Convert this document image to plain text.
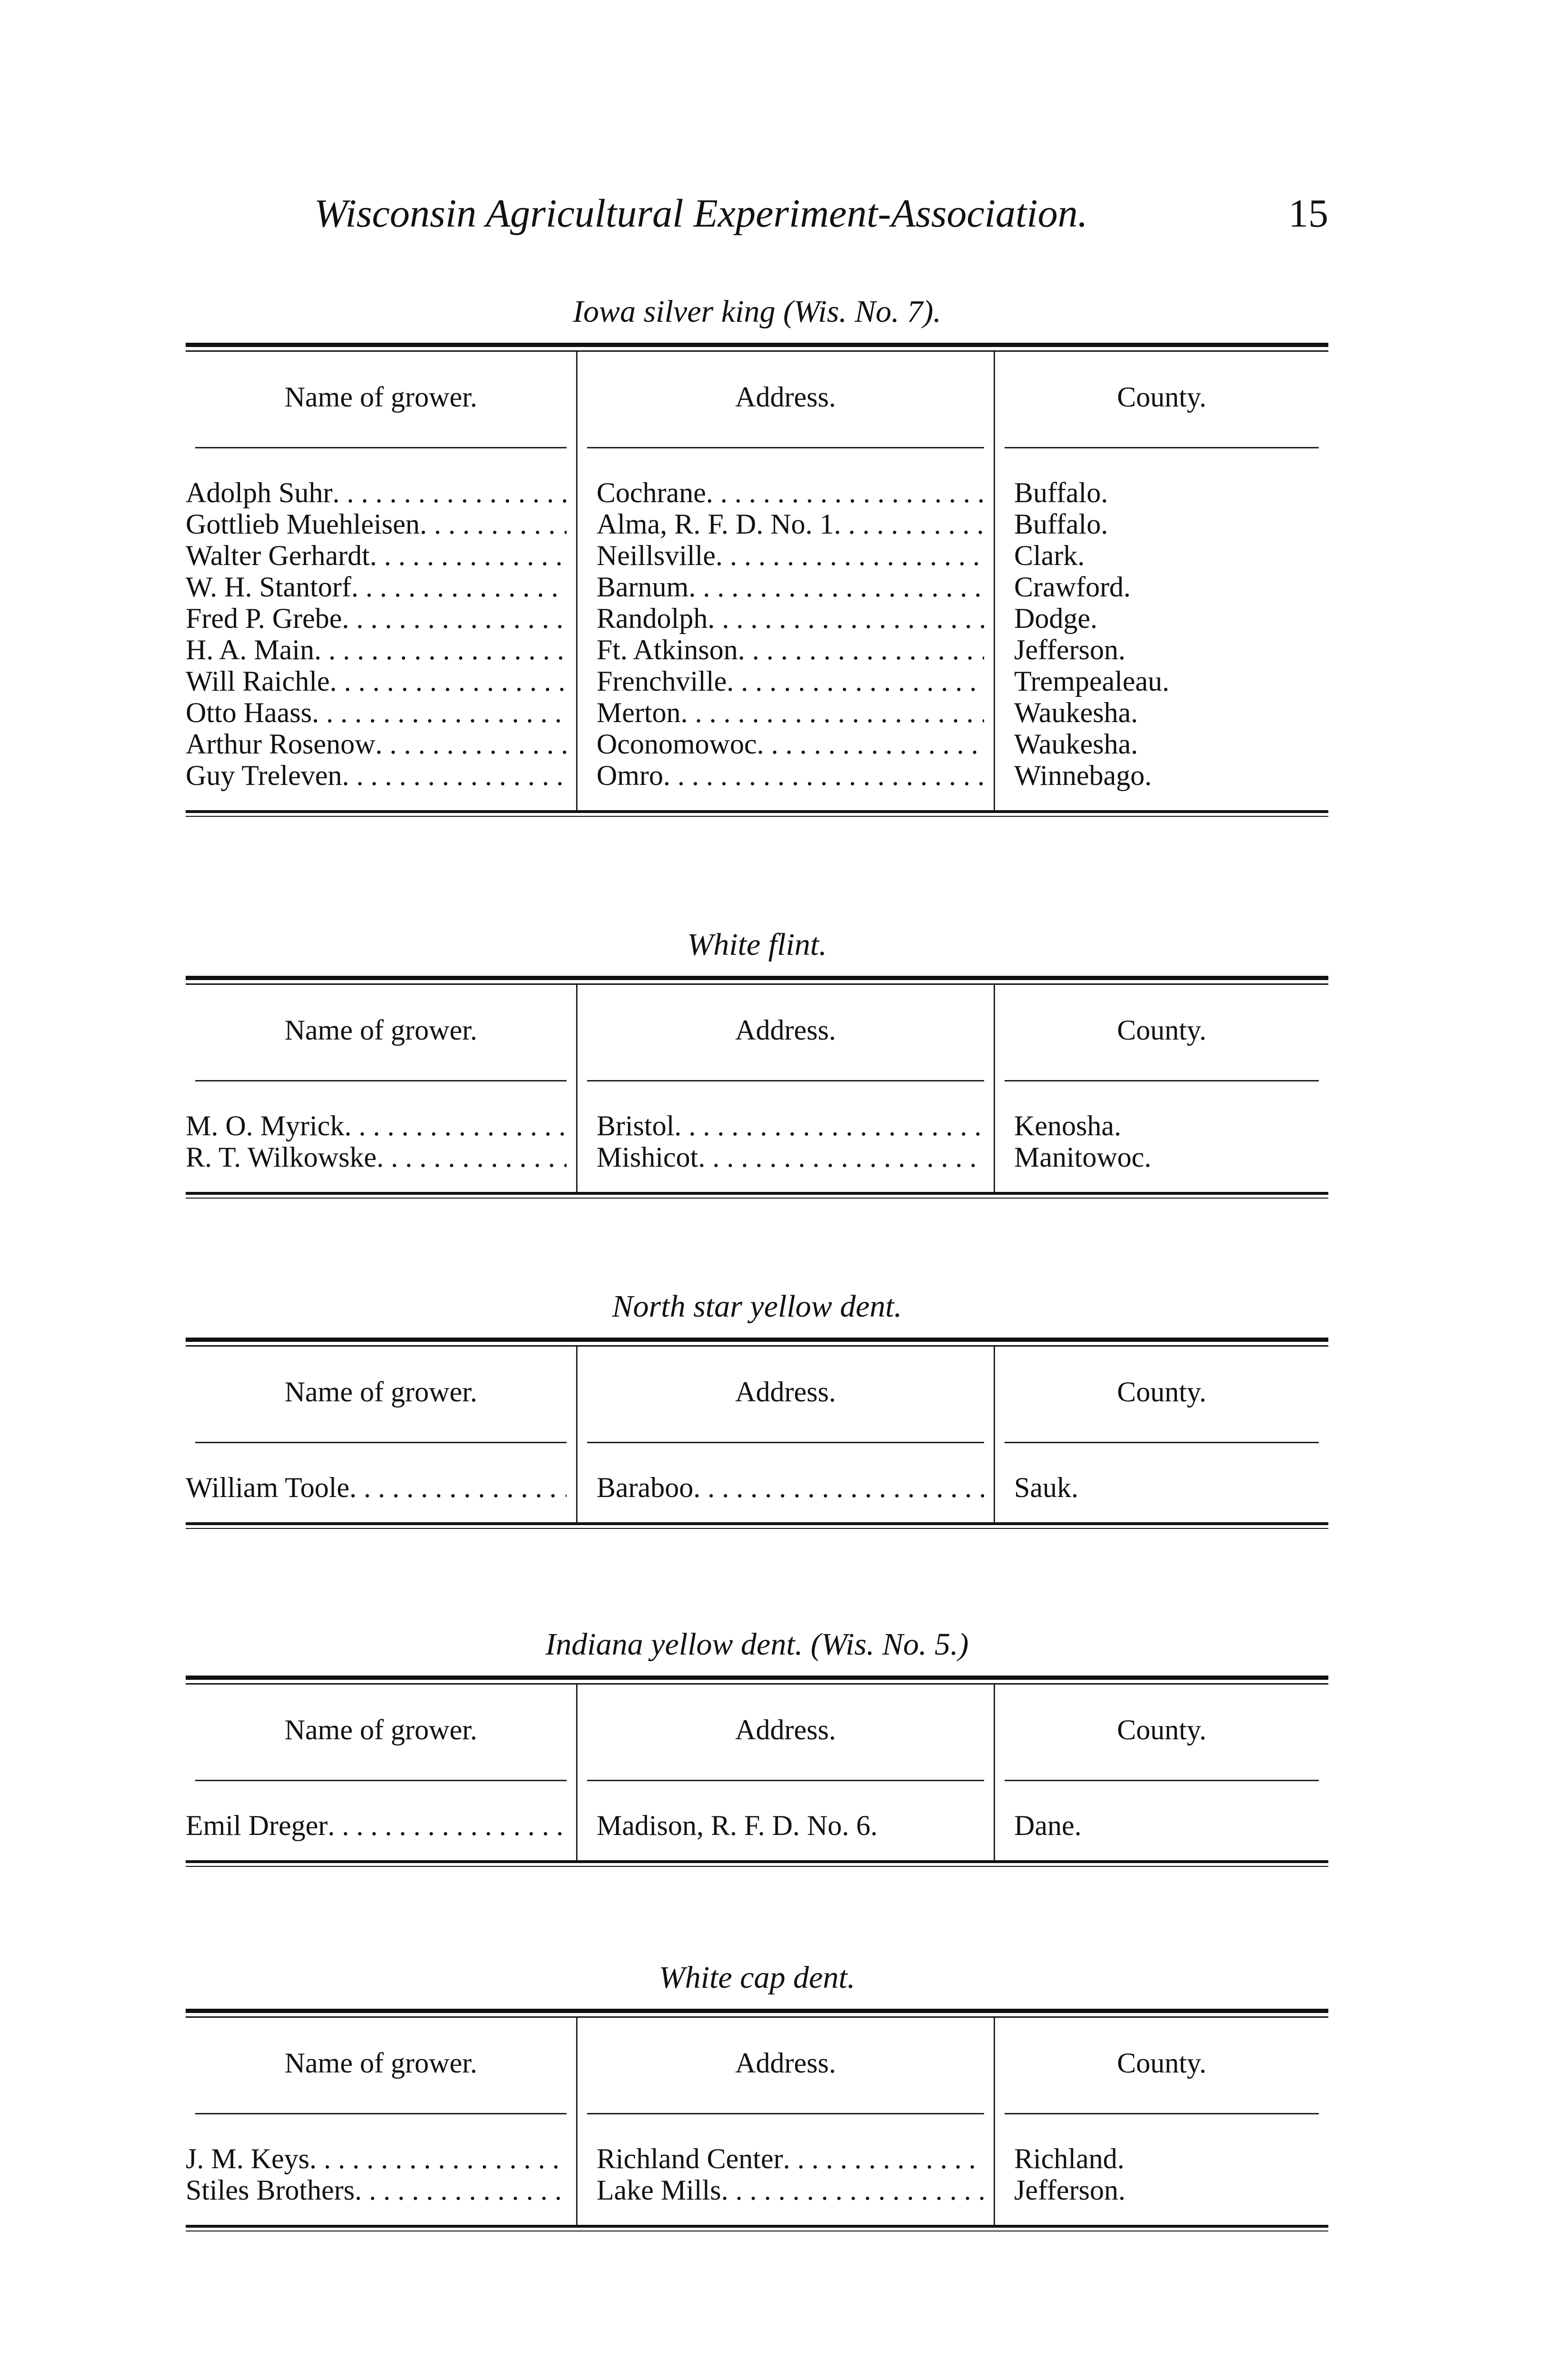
Wisconsin Agricultural Experiment-Association.	15
Iowa silver king (Wis. No. 7).
Name of grower.
Adolph Suhr
. . .
Gottlieb Muehleisen
. . .
Walter Gerhardt
. . .
W. H. Stantorf
. . .
Fred P. Grebe
. . .
H. A. Main
. . .
Will Raichle
. . .
Otto Haass
. . .
Arthur Rosenow
. . .
Guy Treleven
. . .
Address.
Cochrane
. . .
Alma, R. F. D. No. 1
. . .
Neillsville
. . .
Barnum
. . .
Randolph
. . .
Ft. Atkinson
. . .
Frenchville
. . .
Merton
. . .
Oconomowoc
. . .
Omro
. . .
County.
Buffalo.
Buffalo.
Clark.
Crawford.
Dodge.
Jefferson.
Trempealeau.
Waukesha.
Waukesha.
Winnebago.
White flint.
Name of grower.
M. O. Myrick
. . .
R. T. Wilkowske
. . .
Address.
Bristol
. . .
Mishicot
. . .
County.
Kenosha.
Manitowoc.
North star yellow dent.
Name of grower.
William Toole
. . .
Address.
Baraboo
. . .
County.
Sauk.
Indiana yellow dent. (Wis. No. 5.)
Name of grower.
Emil Dreger
. . .
Address.
Madison, R. F. D. No. 6.
County.
Dane.
White cap dent.
Name of grower.
J. M. Keys
. . .
Stiles Brothers
. . .
Address.
Richland Center
. . .
Lake Mills
. . .
County.
Richland.
Jefferson.
